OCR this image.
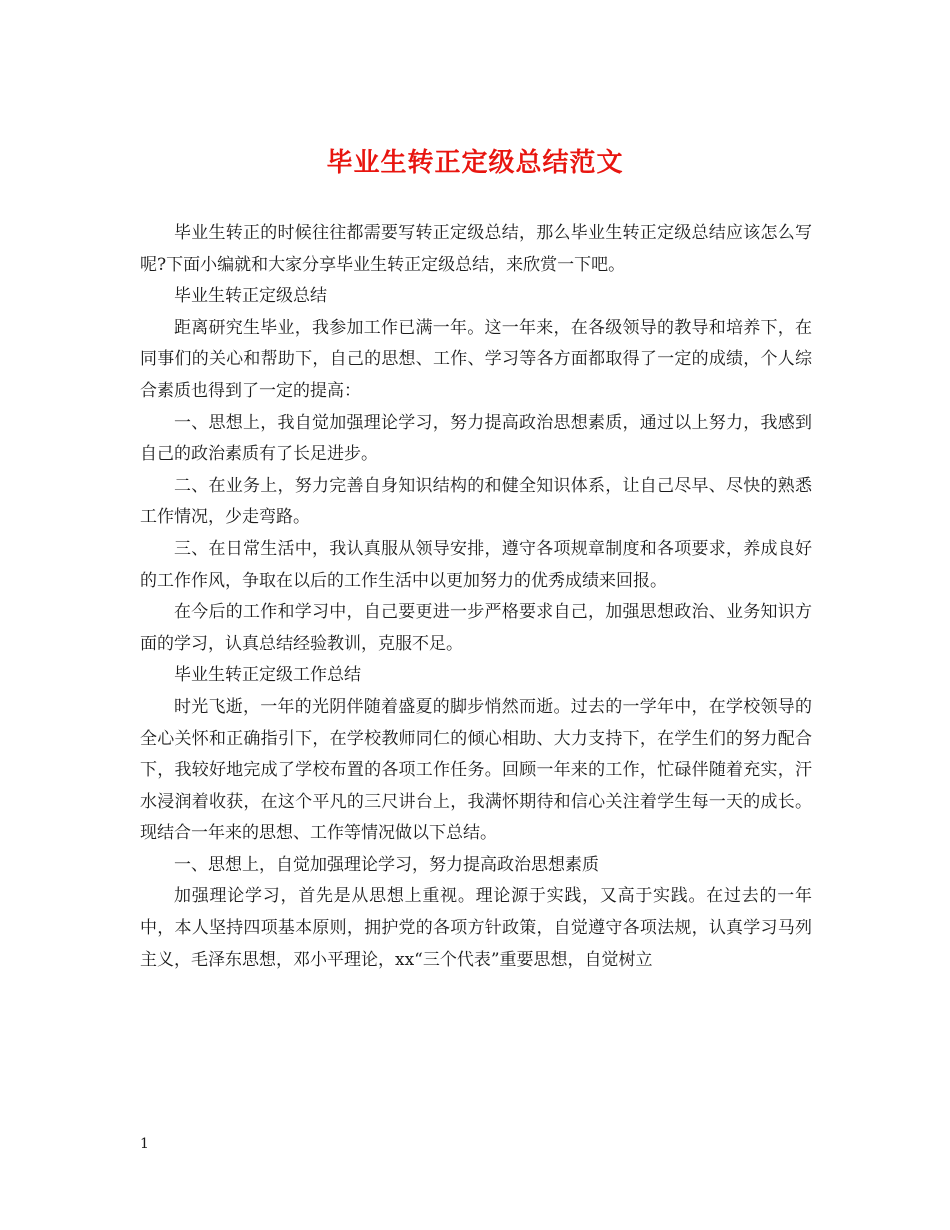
毕业生转正定级总结范文

毕业生转正的时候往往都需要写转正定级总结，那么毕业生转正定级总结应该怎么写呢?下面小编就和大家分享毕业生转正定级总结，来欣赏一下吧。

毕业生转正定级总结

距离研究生毕业，我参加工作已满一年。这一年来，在各级领导的教导和培养下，在同事们的关心和帮助下，自己的思想、工作、学习等各方面都取得了一定的成绩，个人综合素质也得到了一定的提高：

一、思想上，我自觉加强理论学习，努力提高政治思想素质，通过以上努力，我感到自己的政治素质有了长足进步。

二、在业务上，努力完善自身知识结构的和健全知识体系，让自己尽早、尽快的熟悉工作情况，少走弯路。

三、在日常生活中，我认真服从领导安排，遵守各项规章制度和各项要求，养成良好的工作作风，争取在以后的工作生活中以更加努力的优秀成绩来回报。

在今后的工作和学习中，自己要更进一步严格要求自己，加强思想政治、业务知识方面的学习，认真总结经验教训，克服不足。

毕业生转正定级工作总结

时光飞逝，一年的光阴伴随着盛夏的脚步悄然而逝。过去的一学年中，在学校领导的全心关怀和正确指引下，在学校教师同仁的倾心相助、大力支持下，在学生们的努力配合下，我较好地完成了学校布置的各项工作任务。回顾一年来的工作，忙碌伴随着充实，汗水浸润着收获，在这个平凡的三尺讲台上，我满怀期待和信心关注着学生每一天的成长。现结合一年来的思想、工作等情况做以下总结。

一、思想上，自觉加强理论学习，努力提高政治思想素质

加强理论学习，首先是从思想上重视。理论源于实践，又高于实践。在过去的一年中，本人坚持四项基本原则，拥护党的各项方针政策，自觉遵守各项法规，认真学习马列主义，毛泽东思想，邓小平理论，xx“三个代表”重要思想，自觉树立

1
